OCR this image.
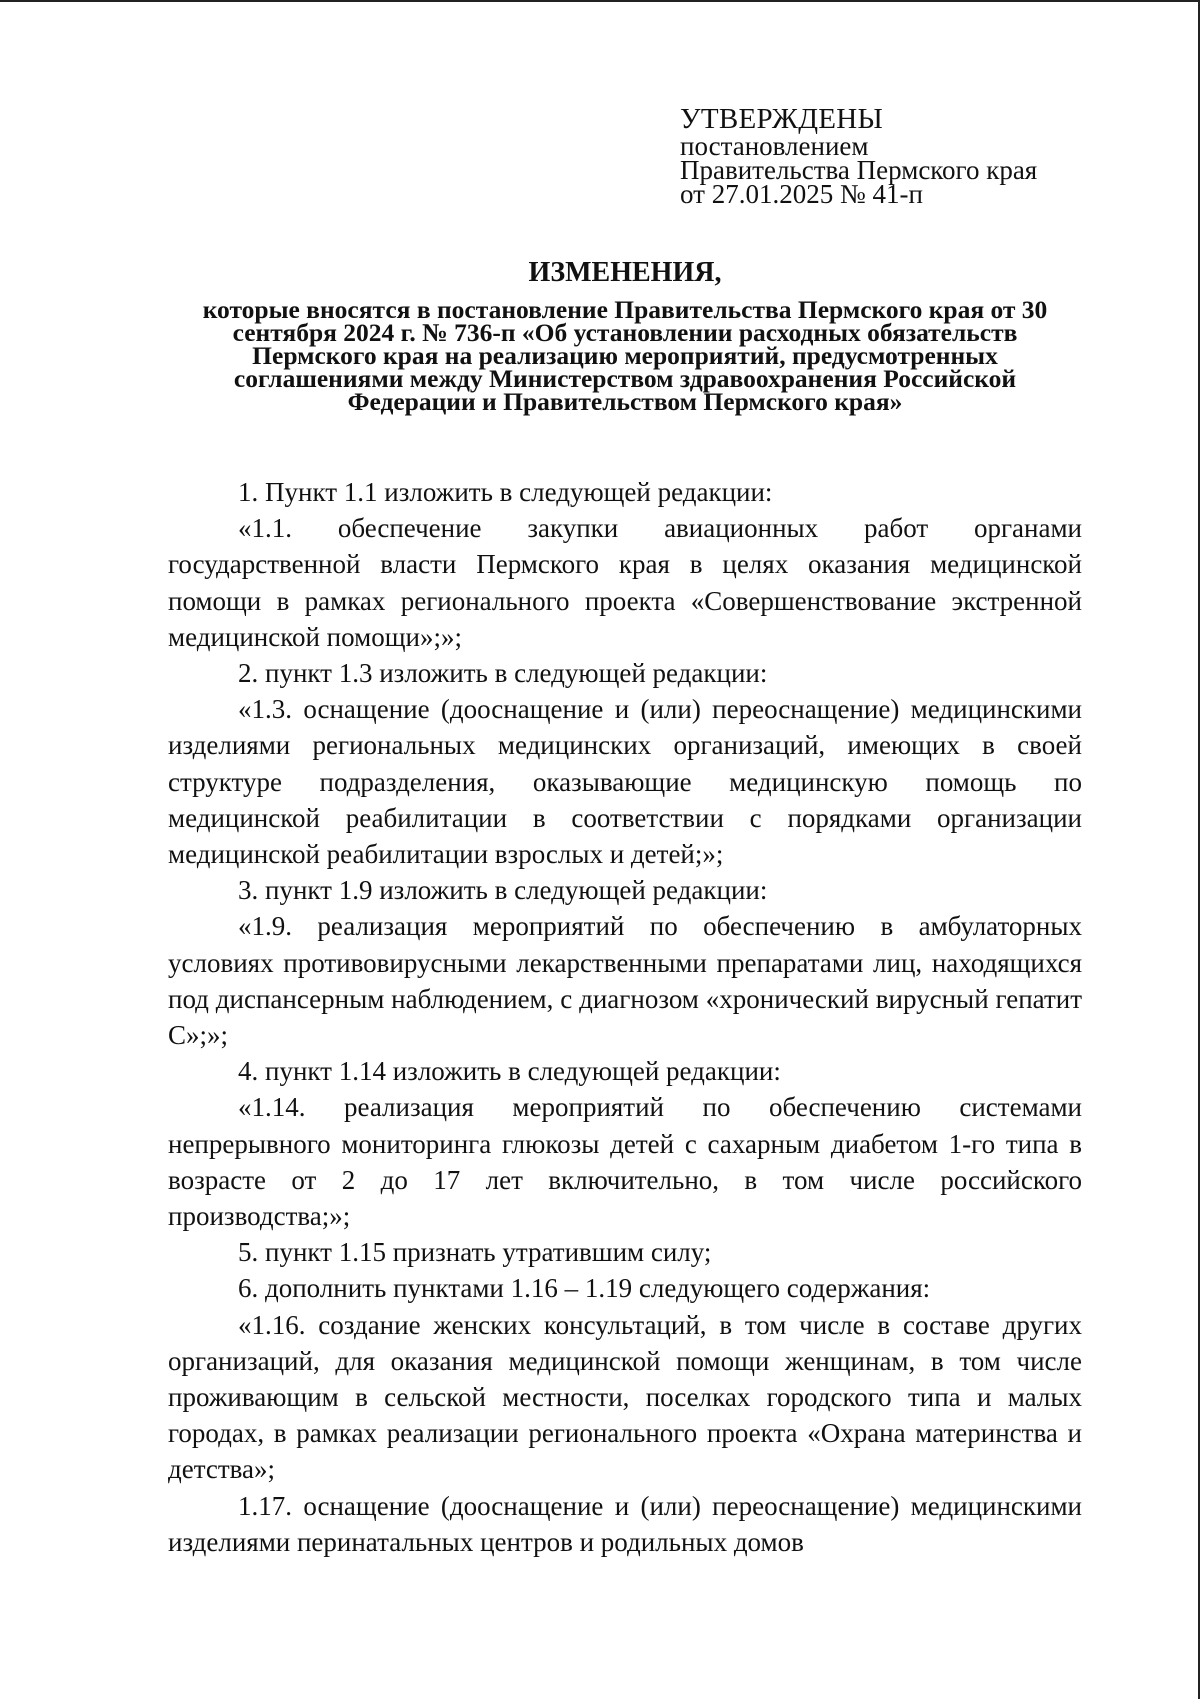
УТВЕРЖДЕНЫ
постановлением
Правительства Пермского края
от 27.01.2025 № 41-п
ИЗМЕНЕНИЯ,
которые вносятся в постановление Правительства Пермского края от 30 сентября 2024 г. № 736-п «Об установлении расходных обязательств Пермского края на реализацию мероприятий, предусмотренных соглашениями между Министерством здравоохранения Российской Федерации и Правительством Пермского края»

1. Пункт 1.1 изложить в следующей редакции:

«1.1. обеспечение закупки авиационных работ органами государственной власти Пермского края в целях оказания медицинской помощи в рамках регионального проекта «Совершенствование экстренной медицинской помощи»;»;

2. пункт 1.3 изложить в следующей редакции:

«1.3. оснащение (дооснащение и (или) переоснащение) медицинскими изделиями региональных медицинских организаций, имеющих в своей структуре подразделения, оказывающие медицинскую помощь по медицинской реабилитации в соответствии с порядками организации медицинской реабилитации взрослых и детей;»;

3. пункт 1.9 изложить в следующей редакции:

«1.9. реализация мероприятий по обеспечению в амбулаторных условиях противовирусными лекарственными препаратами лиц, находящихся под диспансерным наблюдением, с диагнозом «хронический вирусный гепатит С»;»;

4. пункт 1.14 изложить в следующей редакции:

«1.14. реализация мероприятий по обеспечению системами непрерывного мониторинга глюкозы детей с сахарным диабетом 1-го типа в возрасте от 2 до 17 лет включительно, в том числе российского производства;»;

5. пункт 1.15 признать утратившим силу;

6. дополнить пунктами 1.16 – 1.19 следующего содержания:

«1.16. создание женских консультаций, в том числе в составе других организаций, для оказания медицинской помощи женщинам, в том числе проживающим в сельской местности, поселках городского типа и малых городах, в рамках реализации регионального проекта «Охрана материнства и детства»;

1.17. оснащение (дооснащение и (или) переоснащение) медицинскими изделиями перинатальных центров и родильных домов
